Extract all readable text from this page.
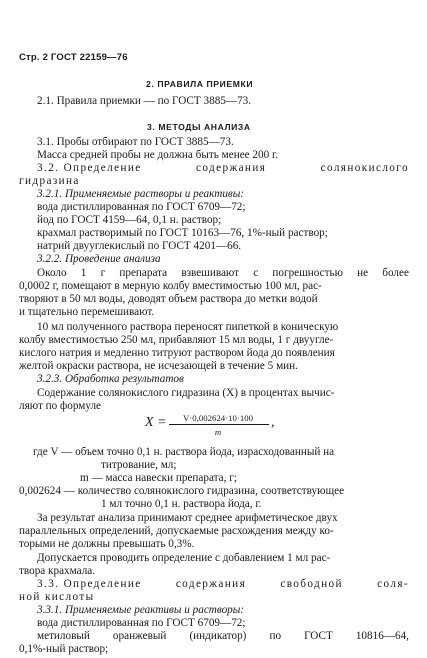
Стр. 2 ГОСТ 22159—76
2. ПРАВИЛА ПРИЕМКИ
2.1. Правила приемки — по ГОСТ 3885—73.
3. МЕТОДЫ АНАЛИЗА
3.1. Пробы отбирают по ГОСТ 3885—73.
Масса средней пробы не должна быть менее 200 г.
3.2. Определение	содержания	солянокислого
гидразина
3.2.1. Применяемые растворы и реактивы:
вода дистиллированная по ГОСТ 6709—72;
йод по ГОСТ 4159—64, 0,1 н. раствор;
крахмал растворимый по ГОСТ 10163—76, 1%-ный раствор;
натрий двууглекислый по ГОСТ 4201—66.
3.2.2. Проведение анализа
Около 1 г препарата взвешивают с погрешностью не более
0,0002 г, помещают в мерную колбу вместимостью 100 мл, рас-
творяют в 50 мл воды, доводят объем раствора до метки водой
и тщательно перемешивают.
10 мл полученного раствора переносят пипеткой в коническую
колбу вместимостью 250 мл, прибавляют 15 мл воды, 1 г двууглe-
кислого натрия и медленно титруют раствором йода до появления
желтой окраски раствора, не исчезающей в течение 5 мин.
3.2.3. Обработка результатов
Содержание солянокислого гидразина (X) в процентах вычис-
ляют по формуле
X =	V·0,002624·10·100
m
,
где V — объем точно 0,1 н. раствора йода, израсходованный на
титрование, мл;
m — масса навески препарата, г;
0,002624 — количество солянокислого гидразина, соответствующее
1 мл точно 0,1 н. раствора йода, г.
За результат анализа принимают среднее арифметическое двух
параллельных определений, допускаемые расхождения между ко-
торыми не должны превышать 0,3%.
Допускается проводить определение с добавлением 1 мл рас-
твора крахмала.
3.3. Определение	содержания	свободной	соля-
ной кислоты
3.3.1. Применяемые реактивы и растворы:
вода дистиллированная по ГОСТ 6709—72;
метиловый оранжевый (индикатор) по ГОСТ 10816—64,
0,1%-ный раствор;
